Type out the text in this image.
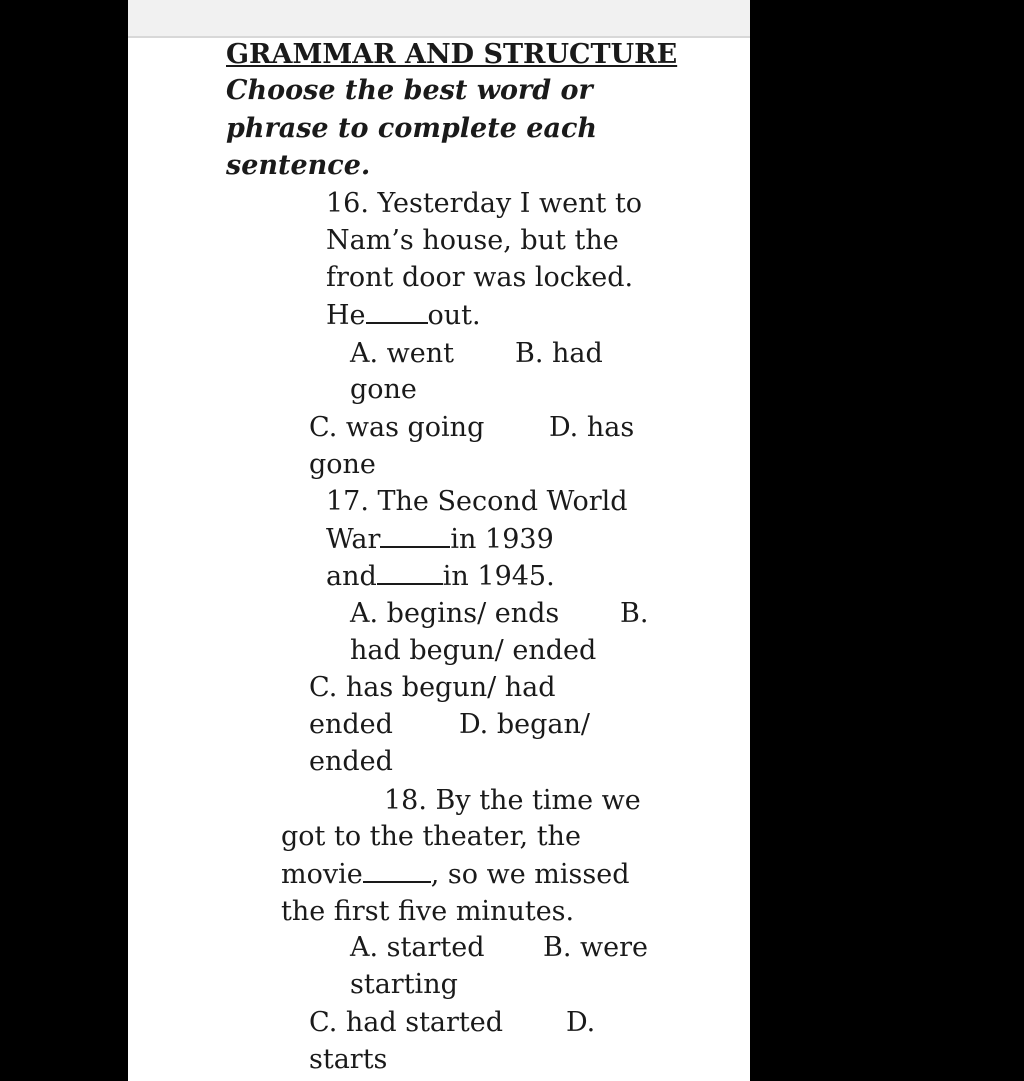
GRAMMAR AND STRUCTURE
Choose the best word or
phrase to complete each
sentence.
16. Yesterday I went to
Nam’s house, but the
front door was locked.
He out.
A. went B. had
gone
C. was going D. has
gone
17. The Second World
War	in 1939
and in 1945.
A. begins/ ends B.
had begun/ ended
C. has begun/ had
ended D. began/
ended
18. By the time we
got to the theater, the
movie	, so we missed
the first five minutes.
A. started B. were
starting
C. had started D.
starts
